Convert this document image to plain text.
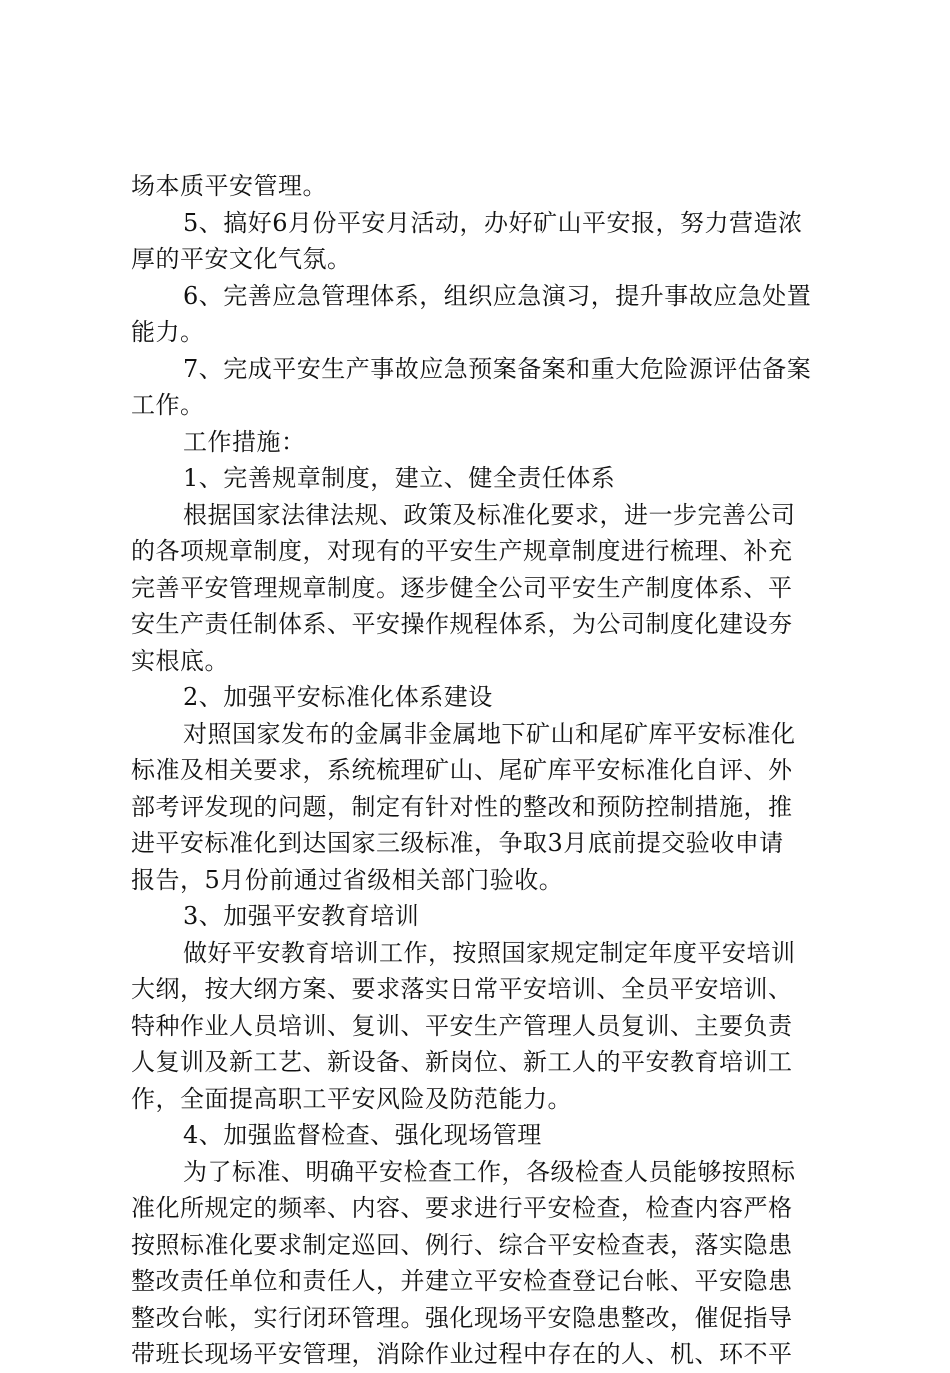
场本质平安管理。
5、搞好6月份平安月活动，办好矿山平安报，努力营造浓
厚的平安文化气氛。
6、完善应急管理体系，组织应急演习，提升事故应急处置
能力。
7、完成平安生产事故应急预案备案和重大危险源评估备案
工作。
工作措施：
1、完善规章制度，建立、健全责任体系
根据国家法律法规、政策及标准化要求，进一步完善公司
的各项规章制度，对现有的平安生产规章制度进行梳理、补充
完善平安管理规章制度。逐步健全公司平安生产制度体系、平
安生产责任制体系、平安操作规程体系，为公司制度化建设夯
实根底。
2、加强平安标准化体系建设
对照国家发布的金属非金属地下矿山和尾矿库平安标准化
标准及相关要求，系统梳理矿山、尾矿库平安标准化自评、外
部考评发现的问题，制定有针对性的整改和预防控制措施，推
进平安标准化到达国家三级标准，争取3月底前提交验收申请
报告，5月份前通过省级相关部门验收。
3、加强平安教育培训
做好平安教育培训工作，按照国家规定制定年度平安培训
大纲，按大纲方案、要求落实日常平安培训、全员平安培训、
特种作业人员培训、复训、平安生产管理人员复训、主要负责
人复训及新工艺、新设备、新岗位、新工人的平安教育培训工
作，全面提高职工平安风险及防范能力。
4、加强监督检查、强化现场管理
为了标准、明确平安检查工作，各级检查人员能够按照标
准化所规定的频率、内容、要求进行平安检查，检查内容严格
按照标准化要求制定巡回、例行、综合平安检查表，落实隐患
整改责任单位和责任人，并建立平安检查登记台帐、平安隐患
整改台帐，实行闭环管理。强化现场平安隐患整改，催促指导
带班长现场平安管理，消除作业过程中存在的人、机、环不平
